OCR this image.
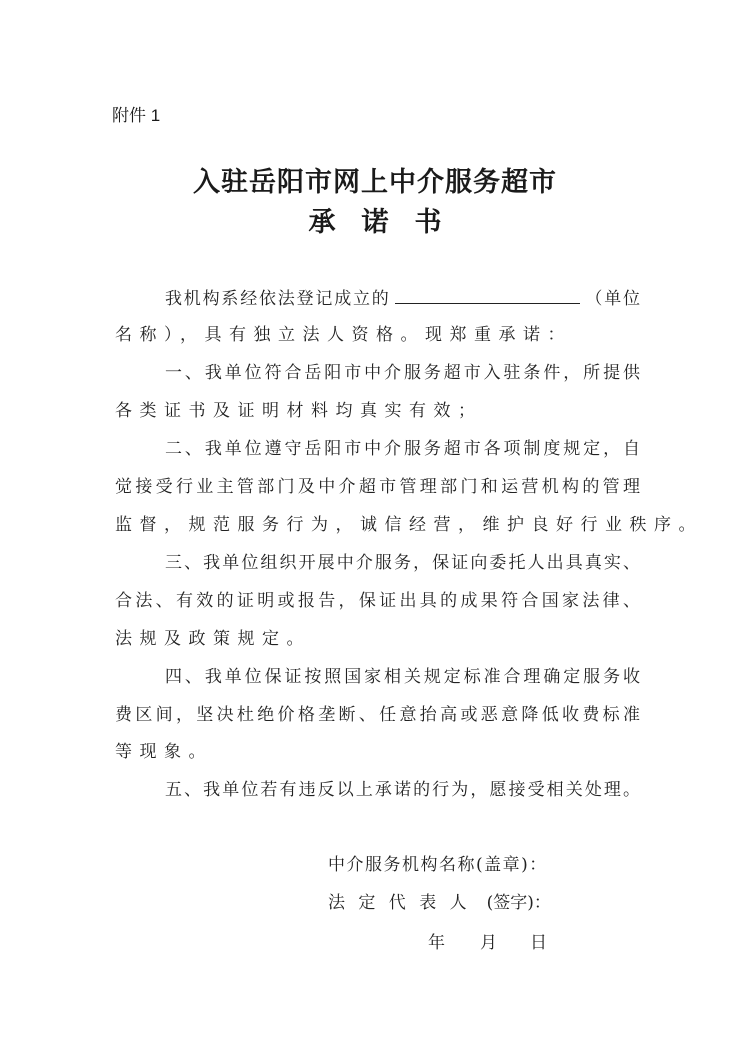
附件 1
入驻岳阳市网上中介服务超市
承诺书
我机构系经依法登记成立的	（单位
名称），具有独立法人资格。现郑重承诺：
一、我单位符合岳阳市中介服务超市入驻条件，所提供
各类证书及证明材料均真实有效；
二、我单位遵守岳阳市中介服务超市各项制度规定，自
觉接受行业主管部门及中介超市管理部门和运营机构的管理
监督，规范服务行为，诚信经营，维护良好行业秩序。
三、我单位组织开展中介服务，保证向委托人出具真实、
合法、有效的证明或报告，保证出具的成果符合国家法律、
法规及政策规定。
四、我单位保证按照国家相关规定标准合理确定服务收
费区间，坚决杜绝价格垄断、任意抬高或恶意降低收费标准
等现象。
五、我单位若有违反以上承诺的行为，愿接受相关处理。
中介服务机构名称(盖章)：
法 定 代 表 人 (签字)：
年 月 日
